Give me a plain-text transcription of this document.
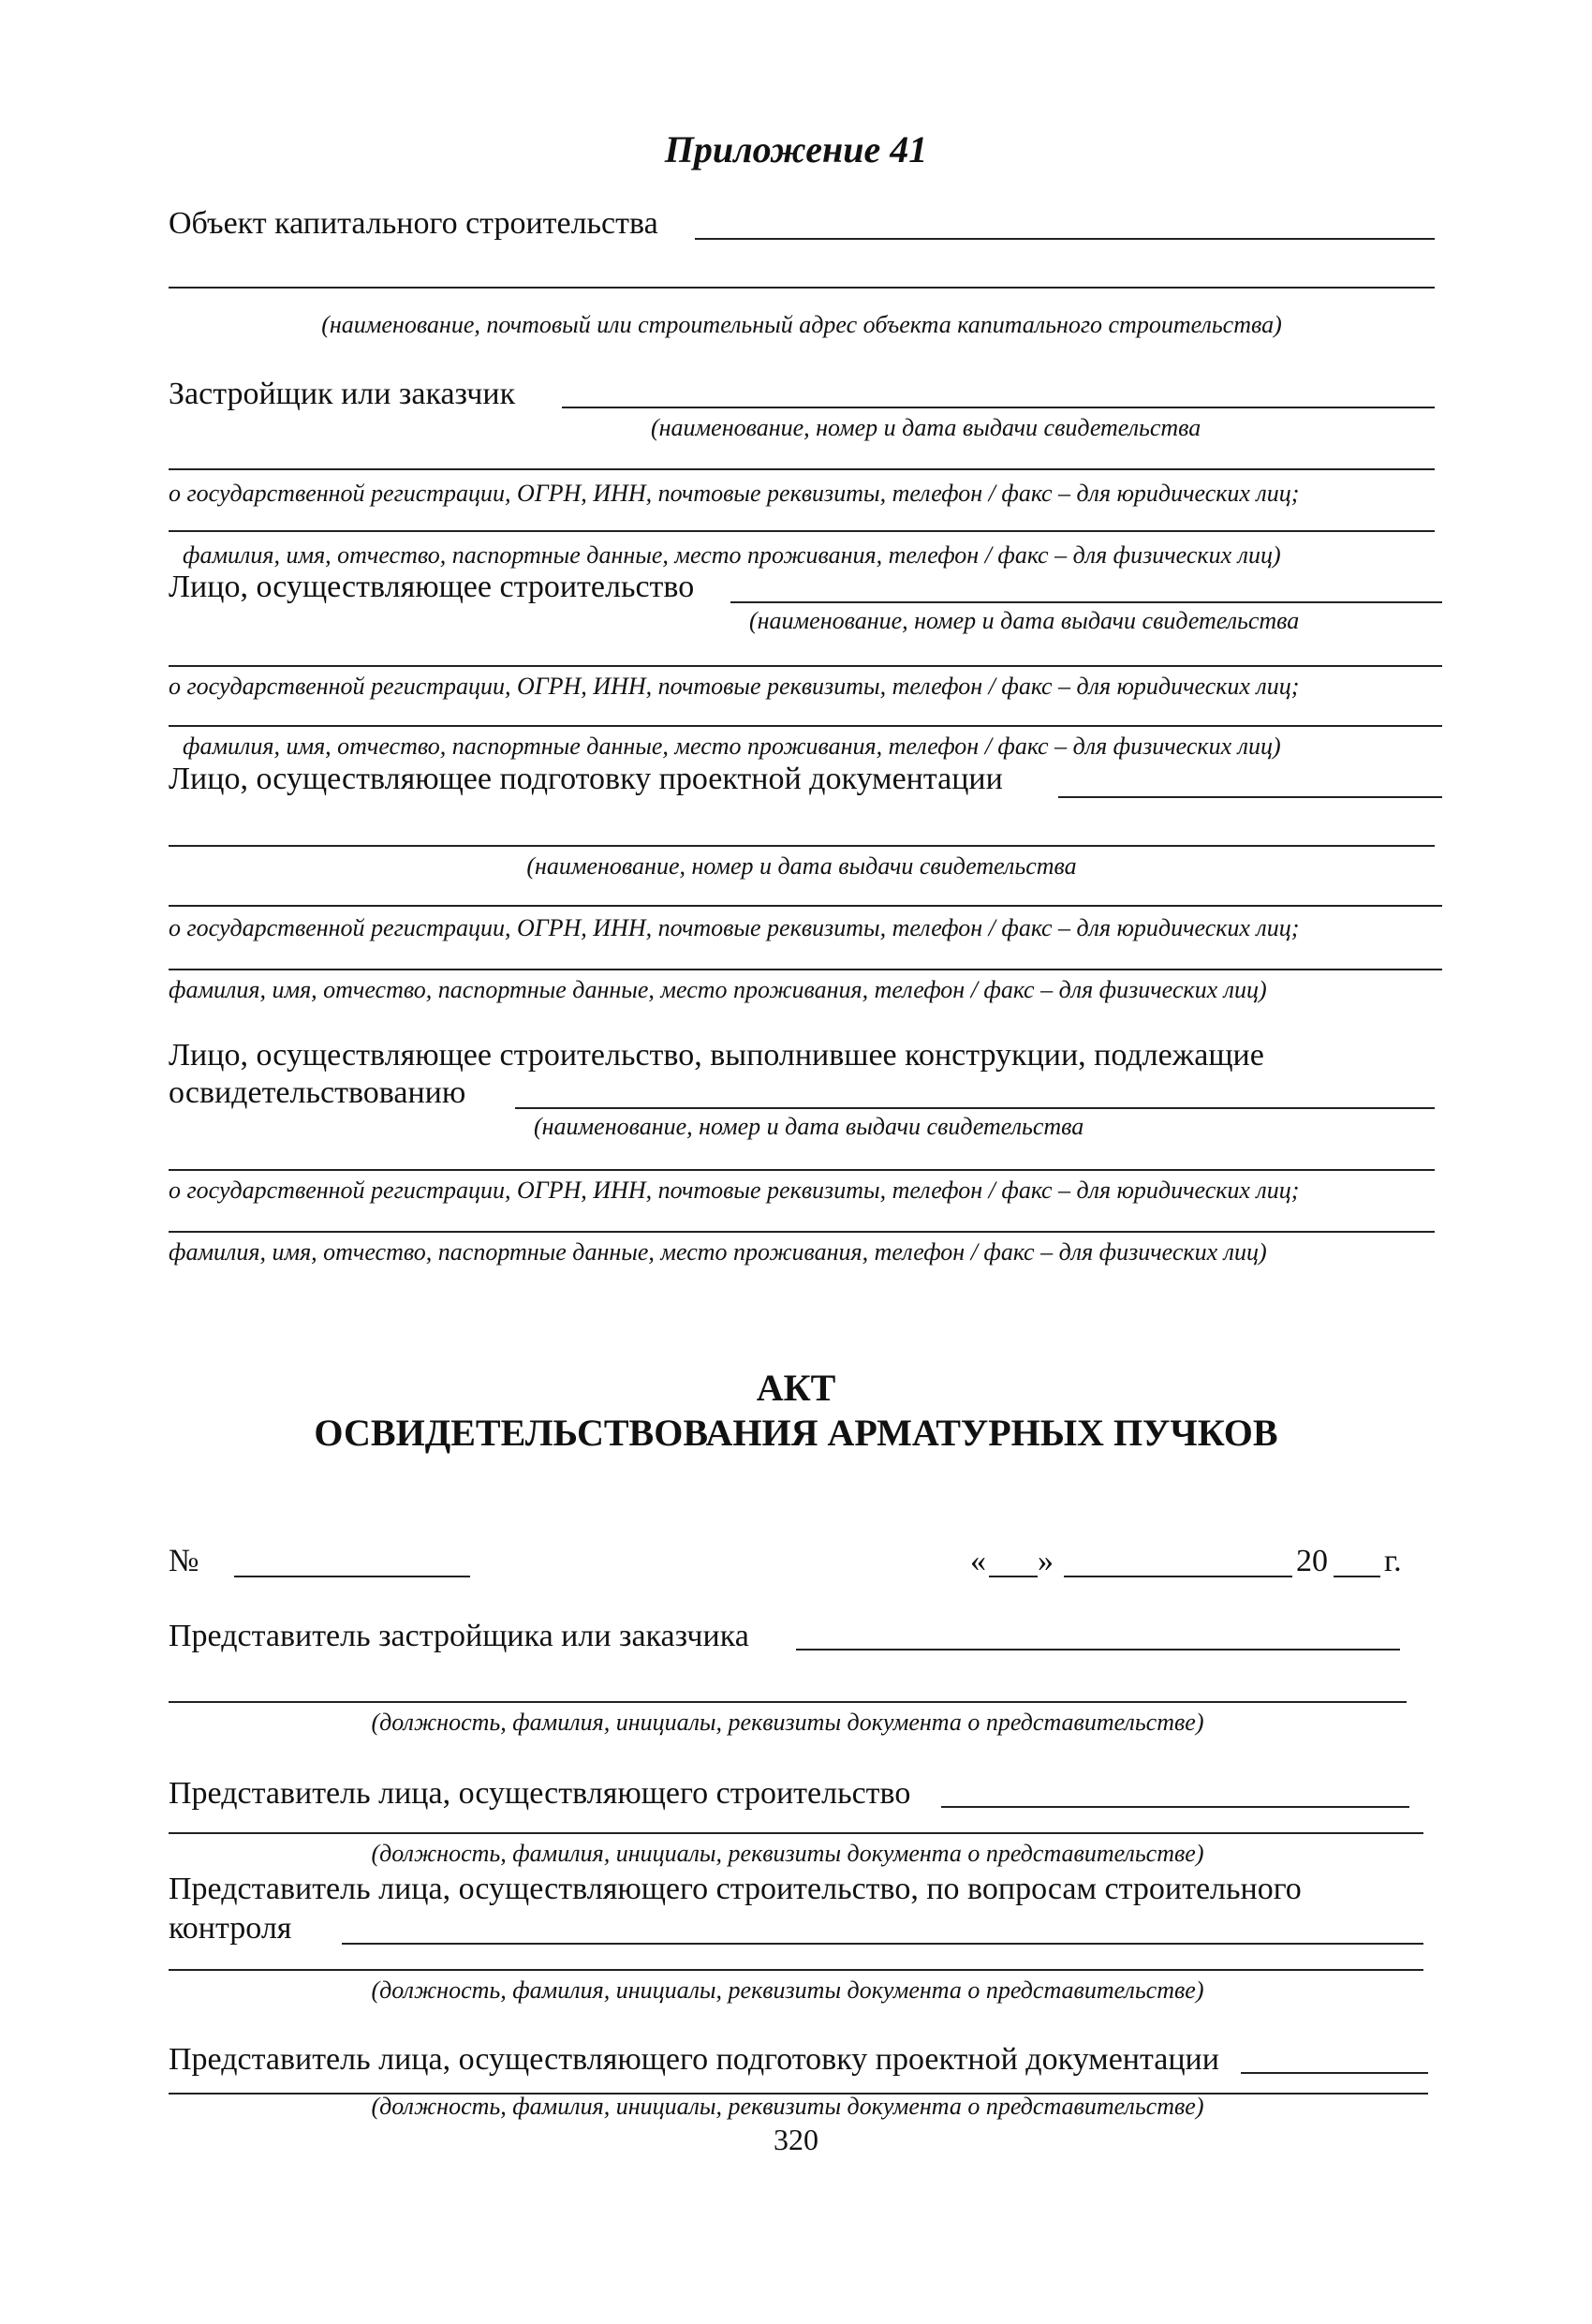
Приложение 41
Объект капитального строительства
(наименование, почтовый или строительный адрес объекта капитального строительства)
Застройщик или заказчик
(наименование, номер и дата выдачи свидетельства
о государственной регистрации, ОГРН, ИНН, почтовые реквизиты, телефон / факс – для юридических лиц;
фамилия, имя, отчество, паспортные данные, место проживания, телефон / факс – для физических лиц)
Лицо, осуществляющее строительство
(наименование, номер и дата выдачи свидетельства
о государственной регистрации, ОГРН, ИНН, почтовые реквизиты, телефон / факс – для юридических лиц;
фамилия, имя, отчество, паспортные данные, место проживания, телефон / факс – для физических лиц)
Лицо, осуществляющее подготовку проектной документации
(наименование, номер и дата выдачи свидетельства
о государственной регистрации, ОГРН, ИНН, почтовые реквизиты, телефон / факс – для юридических лиц;
фамилия, имя, отчество, паспортные данные, место проживания, телефон / факс – для физических лиц)
Лицо, осуществляющее строительство, выполнившее конструкции, подлежащие
освидетельствованию
(наименование, номер и дата выдачи свидетельства
о государственной регистрации, ОГРН, ИНН, почтовые реквизиты, телефон / факс – для юридических лиц;
фамилия, имя, отчество, паспортные данные, место проживания, телефон / факс – для физических лиц)
АКТ
ОСВИДЕТЕЛЬСТВОВАНИЯ АРМАТУРНЫХ ПУЧКОВ
№	« »	20 г.
Представитель застройщика или заказчика
(должность, фамилия, инициалы, реквизиты документа о представительстве)
Представитель лица, осуществляющего строительство
(должность, фамилия, инициалы, реквизиты документа о представительстве)
Представитель лица, осуществляющего строительство, по вопросам строительного
контроля
(должность, фамилия, инициалы, реквизиты документа о представительстве)
Представитель лица, осуществляющего подготовку проектной документации
(должность, фамилия, инициалы, реквизиты документа о представительстве)
320
